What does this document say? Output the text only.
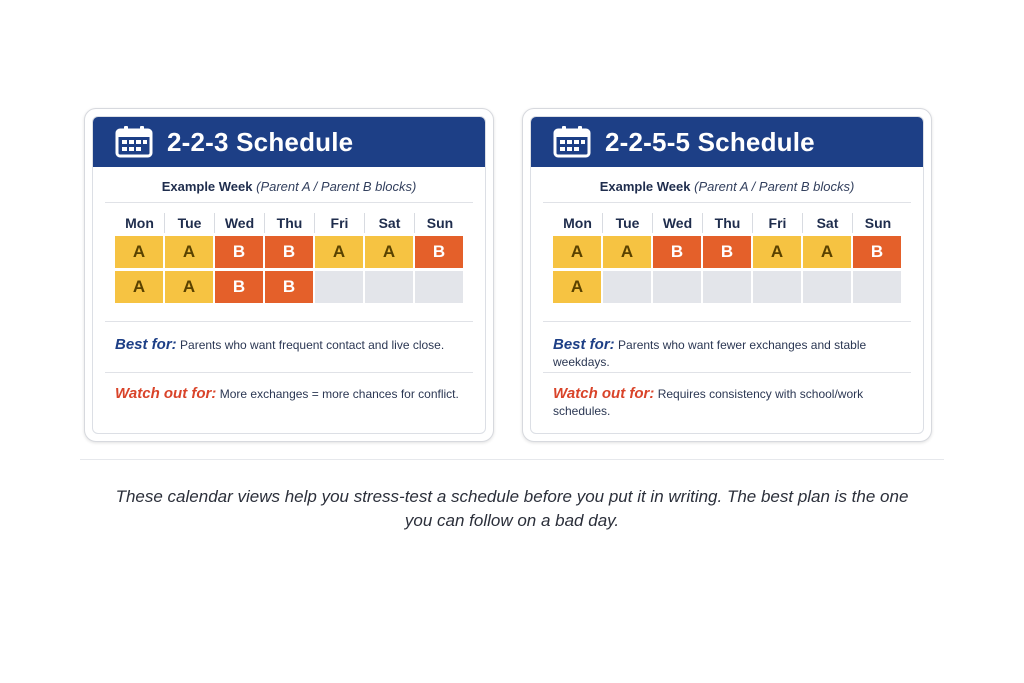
2-2-3 Schedule
Example Week (Parent A / Parent B blocks)
Mon	Tue	Wed	Thu	Fri	Sat	Sun
A	A	B	B	A	A	B
A	A	B	B
Best for: Parents who want frequent contact and live close.
Watch out for: More exchanges = more chances for conflict.
2-2-5-5 Schedule
Example Week (Parent A / Parent B blocks)
Mon	Tue	Wed	Thu	Fri	Sat	Sun
A	A	B	B	A	A	B
A
Best for: Parents who want fewer exchanges and stable weekdays.
Watch out for: Requires consistency with school/work schedules.
These calendar views help you stress-test a schedule before you put it in writing. The best plan is the one you can follow on a bad day.
